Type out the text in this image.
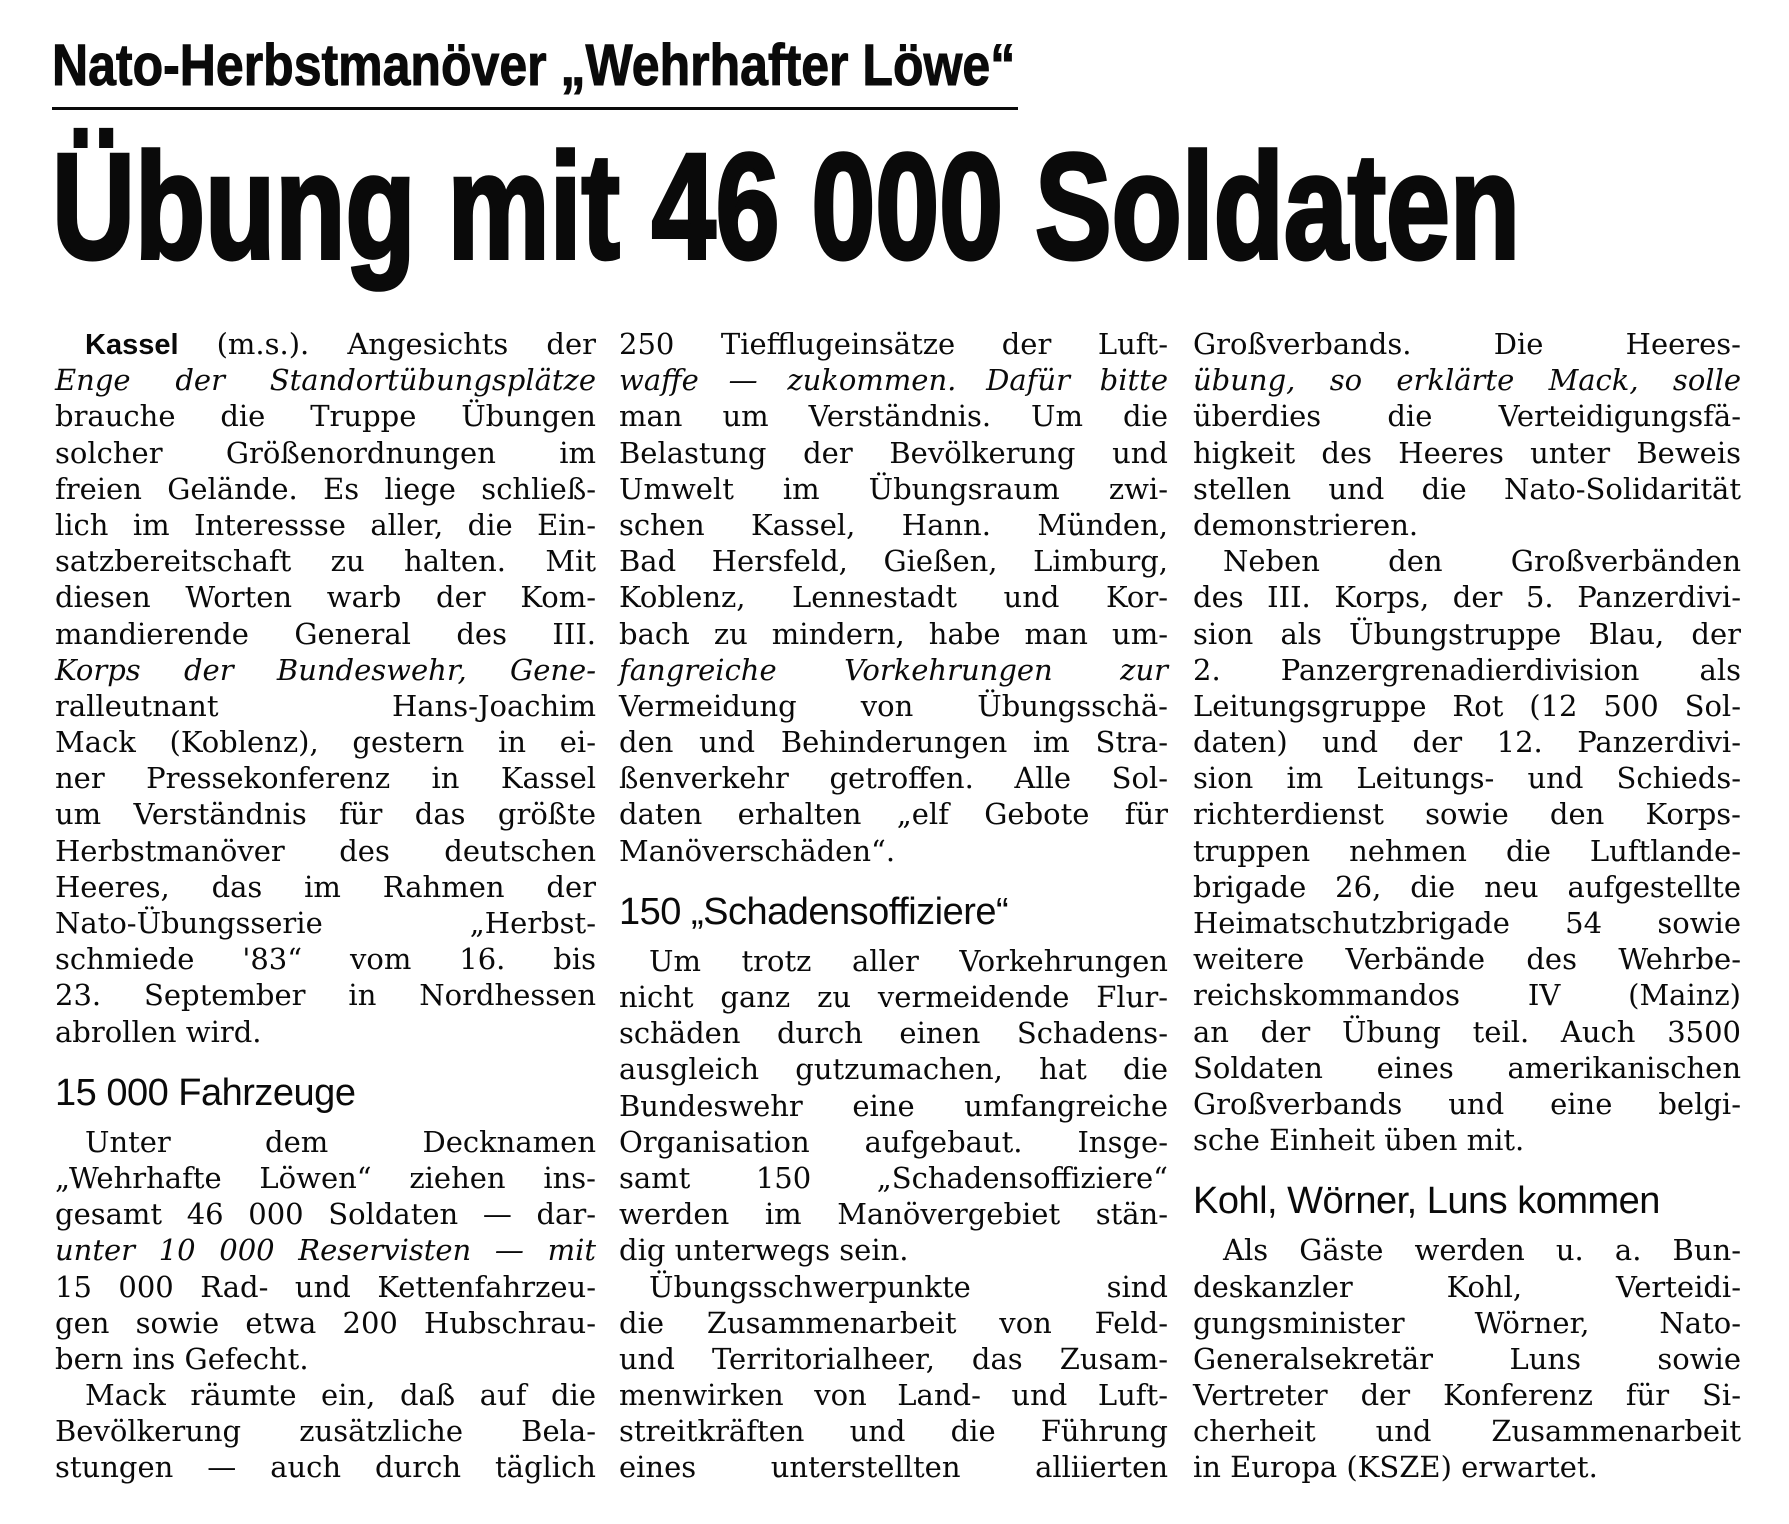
Nato-Herbstmanöver „Wehrhafter Löwe“
Übung mit 46 000 Soldaten
Kassel (m.s.). Angesichts der
Enge der Standortübungsplätze
brauche die Truppe Übungen
solcher Größenordnungen im
freien Gelände. Es liege schließ-
lich im Interessse aller, die Ein-
satzbereitschaft zu halten. Mit
diesen Worten warb der Kom-
mandierende General des III.
Korps der Bundeswehr, Gene-
ralleutnant Hans-Joachim
Mack (Koblenz), gestern in ei-
ner Pressekonferenz in Kassel
um Verständnis für das größte
Herbstmanöver des deutschen
Heeres, das im Rahmen der
Nato-Übungsserie „Herbst-
schmiede '83“ vom 16. bis
23. September in Nordhessen
abrollen wird.
15 000 Fahrzeuge
Unter dem Decknamen
„Wehrhafte Löwen“ ziehen ins-
gesamt 46 000 Soldaten — dar-
unter 10 000 Reservisten — mit
15 000 Rad- und Kettenfahrzeu-
gen sowie etwa 200 Hubschrau-
bern ins Gefecht.
Mack räumte ein, daß auf die
Bevölkerung zusätzliche Bela-
stungen — auch durch täglich
250 Tiefflugeinsätze der Luft-
waffe — zukommen. Dafür bitte
man um Verständnis. Um die
Belastung der Bevölkerung und
Umwelt im Übungsraum zwi-
schen Kassel, Hann. Münden,
Bad Hersfeld, Gießen, Limburg,
Koblenz, Lennestadt und Kor-
bach zu mindern, habe man um-
fangreiche Vorkehrungen zur
Vermeidung von Übungsschä-
den und Behinderungen im Stra-
ßenverkehr getroffen. Alle Sol-
daten erhalten „elf Gebote für
Manöverschäden“.
150 „Schadensoffiziere“
Um trotz aller Vorkehrungen
nicht ganz zu vermeidende Flur-
schäden durch einen Schadens-
ausgleich gutzumachen, hat die
Bundeswehr eine umfangreiche
Organisation aufgebaut. Insge-
samt 150 „Schadensoffiziere“
werden im Manövergebiet stän-
dig unterwegs sein.
Übungsschwerpunkte sind
die Zusammenarbeit von Feld-
und Territorialheer, das Zusam-
menwirken von Land- und Luft-
streitkräften und die Führung
eines unterstellten alliierten
Großverbands. Die Heeres-
übung, so erklärte Mack, solle
überdies die Verteidigungsfä-
higkeit des Heeres unter Beweis
stellen und die Nato-Solidarität
demonstrieren.
Neben den Großverbänden
des III. Korps, der 5. Panzerdivi-
sion als Übungstruppe Blau, der
2. Panzergrenadierdivision als
Leitungsgruppe Rot (12 500 Sol-
daten) und der 12. Panzerdivi-
sion im Leitungs- und Schieds-
richterdienst sowie den Korps-
truppen nehmen die Luftlande-
brigade 26, die neu aufgestellte
Heimatschutzbrigade 54 sowie
weitere Verbände des Wehrbe-
reichskommandos IV (Mainz)
an der Übung teil. Auch 3500
Soldaten eines amerikanischen
Großverbands und eine belgi-
sche Einheit üben mit.
Kohl, Wörner, Luns kommen
Als Gäste werden u. a. Bun-
deskanzler Kohl, Verteidi-
gungsminister Wörner, Nato-
Generalsekretär Luns sowie
Vertreter der Konferenz für Si-
cherheit und Zusammenarbeit
in Europa (KSZE) erwartet.
